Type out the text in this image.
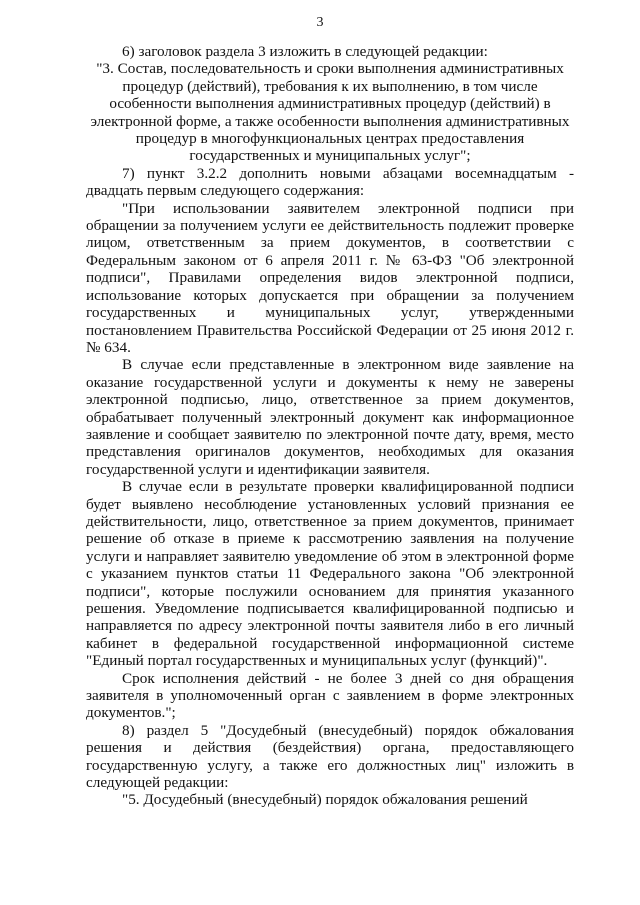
3

6) заголовок раздела 3 изложить в следующей редакции:

"3. Состав, последовательность и сроки выполнения административных процедур (действий), требования к их выполнению, в том числе особенности выполнения административных процедур (действий) в электронной форме, а также особенности выполнения административных процедур в многофункциональных центрах предоставления государственных и муниципальных услуг";

7) пункт 3.2.2 дополнить новыми абзацами восемнадцатым - двадцать первым следующего содержания:

"При использовании заявителем электронной подписи при обращении за получением услуги ее действительность подлежит проверке лицом, ответственным за прием документов, в соответствии с Федеральным законом от 6 апреля 2011 г. № 63-ФЗ "Об электронной подписи", Правилами определения видов электронной подписи, использование которых допускается при обращении за получением государственных и муниципальных услуг, утвержденными постановлением Правительства Российской Федерации от 25 июня 2012 г. № 634.

В случае если представленные в электронном виде заявление на оказание государственной услуги и документы к нему не заверены электронной подписью, лицо, ответственное за прием документов, обрабатывает полученный электронный документ как информационное заявление и сообщает заявителю по электронной почте дату, время, место представления оригиналов документов, необходимых для оказания государственной услуги и идентификации заявителя.

В случае если в результате проверки квалифицированной подписи будет выявлено несоблюдение установленных условий признания ее действительности, лицо, ответственное за прием документов, принимает решение об отказе в приеме к рассмотрению заявления на получение услуги и направляет заявителю уведомление об этом в электронной форме с указанием пунктов статьи 11 Федерального закона "Об электронной подписи", которые послужили основанием для принятия указанного решения. Уведомление подписывается квалифицированной подписью и направляется по адресу электронной почты заявителя либо в его личный кабинет в федеральной государственной информационной системе "Единый портал государственных и муниципальных услуг (функций)".

Срок исполнения действий - не более 3 дней со дня обращения заявителя в уполномоченный орган с заявлением в форме электронных документов.";

8) раздел 5 "Досудебный (внесудебный) порядок обжалования решения и действия (бездействия) органа, предоставляющего государственную услугу, а также его должностных лиц" изложить в следующей редакции:

"5. Досудебный (внесудебный) порядок обжалования решений
